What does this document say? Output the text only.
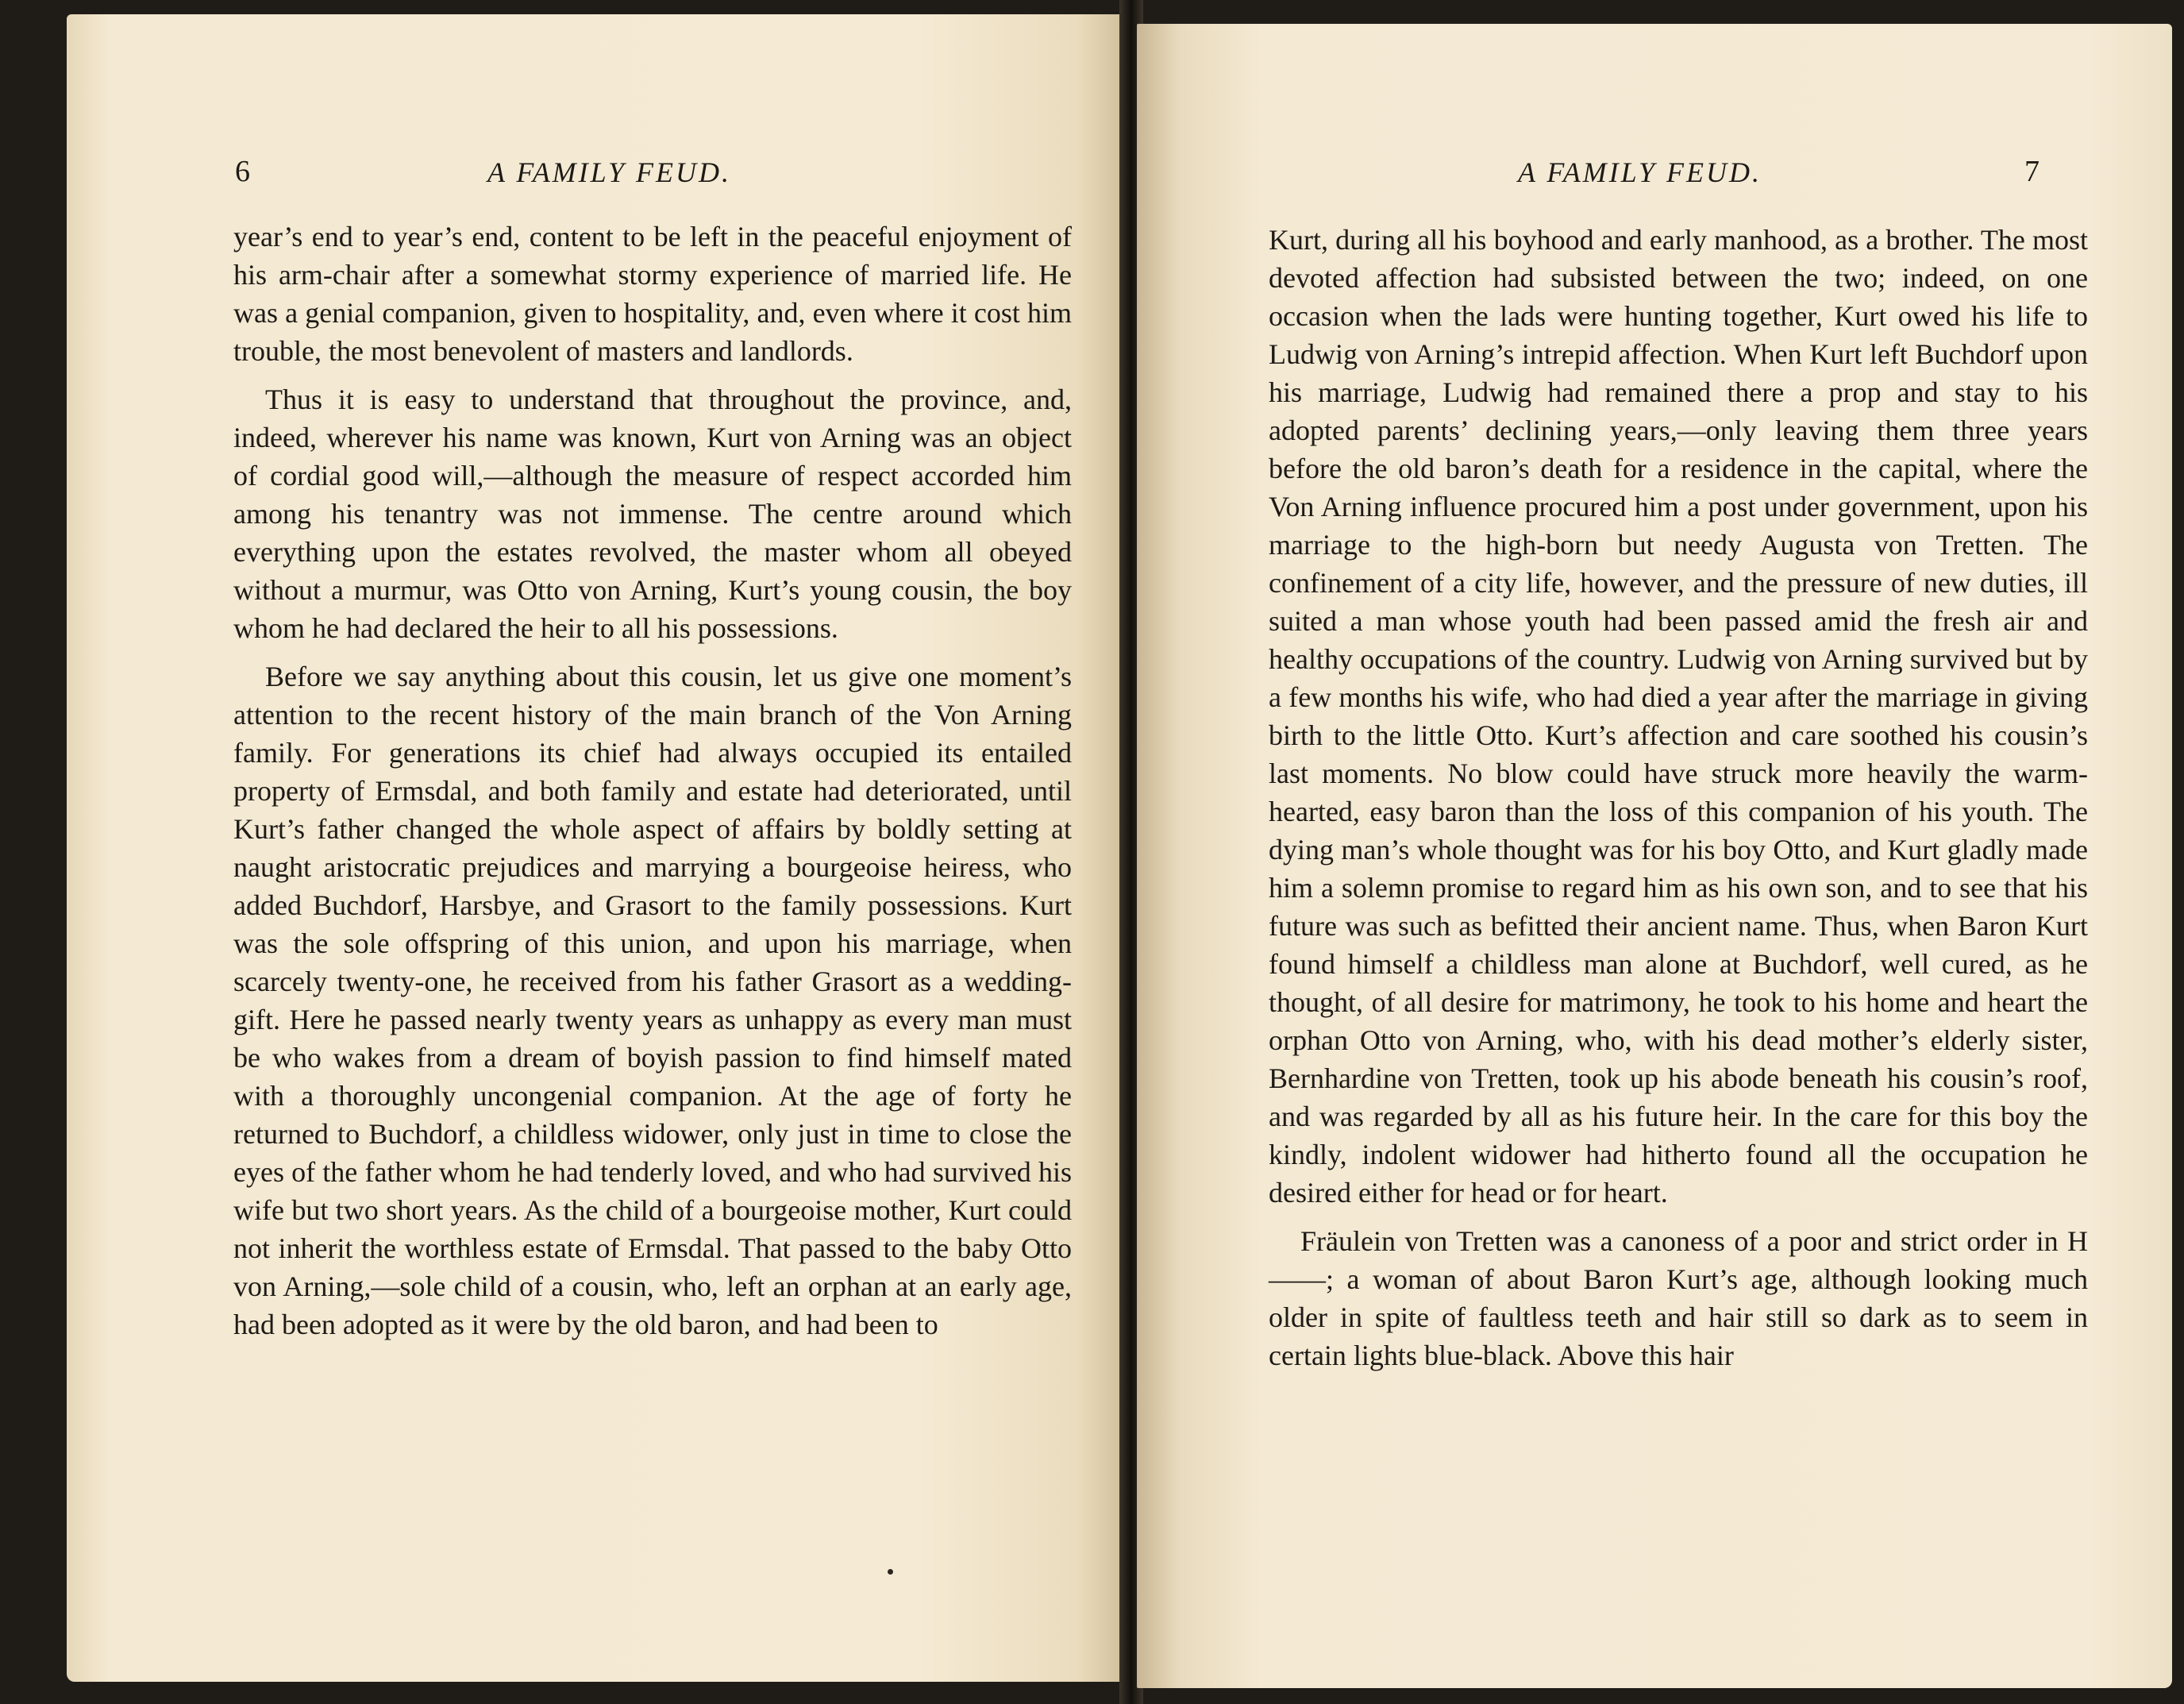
6	A FAMILY FEUD.

year’s end to year’s end, content to be left in the peaceful enjoyment of his arm-chair after a somewhat stormy experience of married life. He was a genial companion, given to hospitality, and, even where it cost him trouble, the most benevolent of masters and landlords.

Thus it is easy to understand that throughout the province, and, indeed, wherever his name was known, Kurt von Arning was an object of cordial good will,—although the measure of respect accorded him among his tenantry was not immense. The centre around which everything upon the estates revolved, the master whom all obeyed without a murmur, was Otto von Arning, Kurt’s young cousin, the boy whom he had declared the heir to all his possessions.

Before we say anything about this cousin, let us give one moment’s attention to the recent history of the main branch of the Von Arning family. For generations its chief had always occupied its entailed property of Ermsdal, and both family and estate had deteriorated, until Kurt’s father changed the whole aspect of affairs by boldly setting at naught aristocratic prejudices and marrying a bourgeoise heiress, who added Buchdorf, Harsbye, and Grasort to the family possessions. Kurt was the sole offspring of this union, and upon his marriage, when scarcely twenty-one, he received from his father Grasort as a wedding-gift. Here he passed nearly twenty years as unhappy as every man must be who wakes from a dream of boyish passion to find himself mated with a thoroughly uncongenial companion. At the age of forty he returned to Buchdorf, a childless widower, only just in time to close the eyes of the father whom he had tenderly loved, and who had survived his wife but two short years. As the child of a bourgeoise mother, Kurt could not inherit the worthless estate of Ermsdal. That passed to the baby Otto von Arning,—sole child of a cousin, who, left an orphan at an early age, had been adopted as it were by the old baron, and had been to

A FAMILY FEUD.	7

Kurt, during all his boyhood and early manhood, as a brother. The most devoted affection had subsisted between the two; indeed, on one occasion when the lads were hunting together, Kurt owed his life to Ludwig von Arning’s intrepid affection. When Kurt left Buchdorf upon his marriage, Ludwig had remained there a prop and stay to his adopted parents’ declining years,—only leaving them three years before the old baron’s death for a residence in the capital, where the Von Arning influence procured him a post under government, upon his marriage to the high-born but needy Augusta von Tretten. The confinement of a city life, however, and the pressure of new duties, ill suited a man whose youth had been passed amid the fresh air and healthy occupations of the country. Ludwig von Arning survived but by a few months his wife, who had died a year after the marriage in giving birth to the little Otto. Kurt’s affection and care soothed his cousin’s last moments. No blow could have struck more heavily the warm-hearted, easy baron than the loss of this companion of his youth. The dying man’s whole thought was for his boy Otto, and Kurt gladly made him a solemn promise to regard him as his own son, and to see that his future was such as befitted their ancient name. Thus, when Baron Kurt found himself a childless man alone at Buchdorf, well cured, as he thought, of all desire for matrimony, he took to his home and heart the orphan Otto von Arning, who, with his dead mother’s elderly sister, Bernhardine von Tretten, took up his abode beneath his cousin’s roof, and was regarded by all as his future heir. In the care for this boy the kindly, indolent widower had hitherto found all the occupation he desired either for head or for heart.

Fräulein von Tretten was a canoness of a poor and strict order in H——; a woman of about Baron Kurt’s age, although looking much older in spite of faultless teeth and hair still so dark as to seem in certain lights blue-black. Above this hair
